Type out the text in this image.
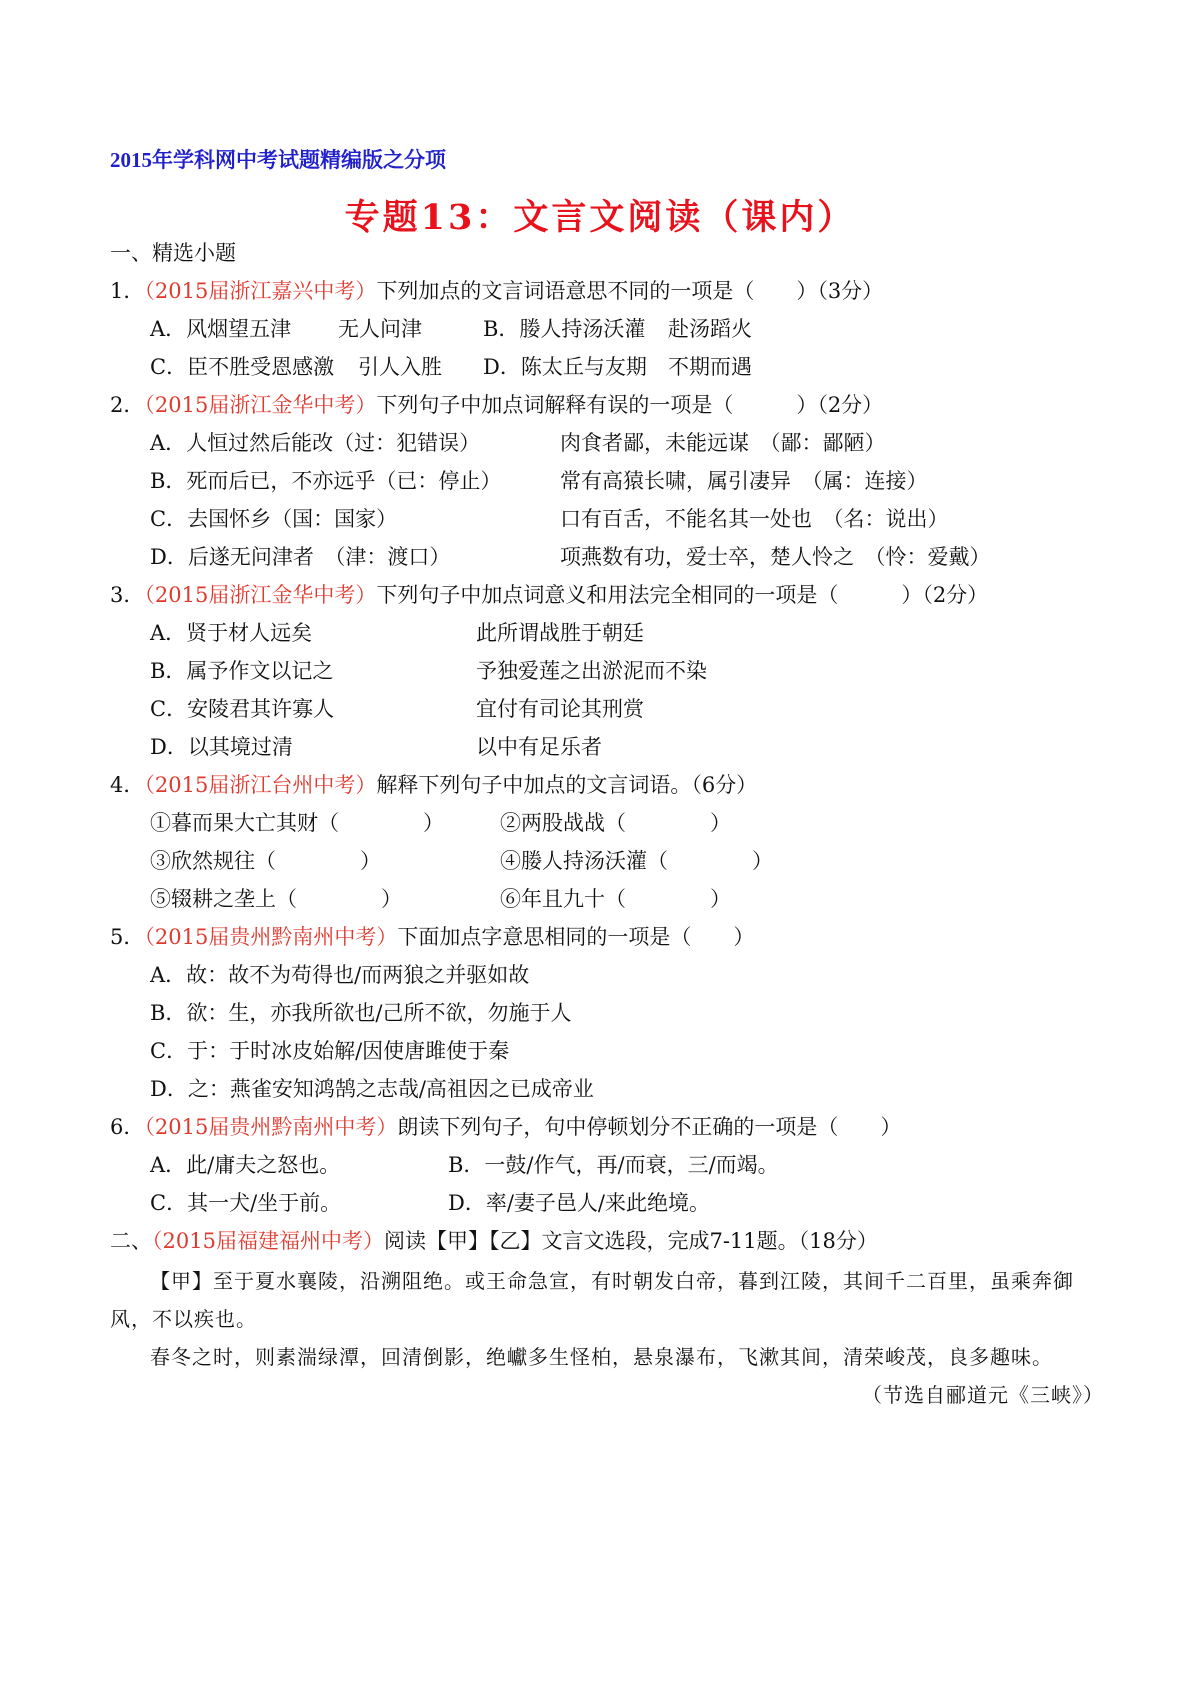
2015年学科网中考试题精编版之分项
专题13：文言文阅读（课内）
一、精选小题
1．（2015届浙江嘉兴中考）下列加点的文言词语意思不同的一项是（　　）（3分）
A．风烟望五津 无人问津	B．媵人持汤沃灌 赴汤蹈火
C．臣不胜受恩感激 引人入胜 D．陈太丘与友期 不期而遇
2．（2015届浙江金华中考）下列句子中加点词解释有误的一项是（　　　）（2分）
A．人恒过然后能改（过：犯错误）	肉食者鄙，未能远谋　（鄙：鄙陋）
B．死而后已，不亦远乎（已：停止）	常有高猿长啸，属引凄异　（属：连接）
C．去国怀乡（国：国家）	口有百舌，不能名其一处也　（名：说出）
D．后遂无问津者　（津：渡口）	项燕数有功，爱士卒，楚人怜之　（怜：爱戴）
3．（2015届浙江金华中考）下列句子中加点词意义和用法完全相同的一项是（　　　）（2分）
A．贤于材人远矣	此所谓战胜于朝廷
B．属予作文以记之	予独爱莲之出淤泥而不染
C．安陵君其许寡人	宜付有司论其刑赏
D．以其境过清	以中有足乐者
4．（2015届浙江台州中考）解释下列句子中加点的文言词语。（6分）
①暮而果大亡其财（　　　　）	②两股战战（　　　　）
③欣然规往（　　　　）	④媵人持汤沃灌（　　　　）
⑤辍耕之垄上（　　　　）	⑥年且九十（　　　　）
5．（2015届贵州黔南州中考）下面加点字意思相同的一项是（　　）
A．故：故不为苟得也/而两狼之并驱如故
B．欲：生，亦我所欲也/己所不欲，勿施于人
C．于：于时冰皮始解/因使唐雎使于秦
D．之：燕雀安知鸿鹄之志哉/高祖因之已成帝业
6．（2015届贵州黔南州中考）朗读下列句子，句中停顿划分不正确的一项是（　　）
A．此/庸夫之怒也。	B．一鼓/作气，再/而衰，三/而竭。
C．其一犬/坐于前。	D．率/妻子邑人/来此绝境。
二、（2015届福建福州中考）阅读【甲】【乙】文言文选段，完成7-11题。（18分）
【甲】至于夏水襄陵，沿溯阻绝。或王命急宣，有时朝发白帝，暮到江陵，其间千二百里，虽乘奔御
风，不以疾也。
春冬之时，则素湍绿潭，回清倒影，绝巘多生怪柏，悬泉瀑布，飞漱其间，清荣峻茂，良多趣味。
（节选自郦道元《三峡》）
